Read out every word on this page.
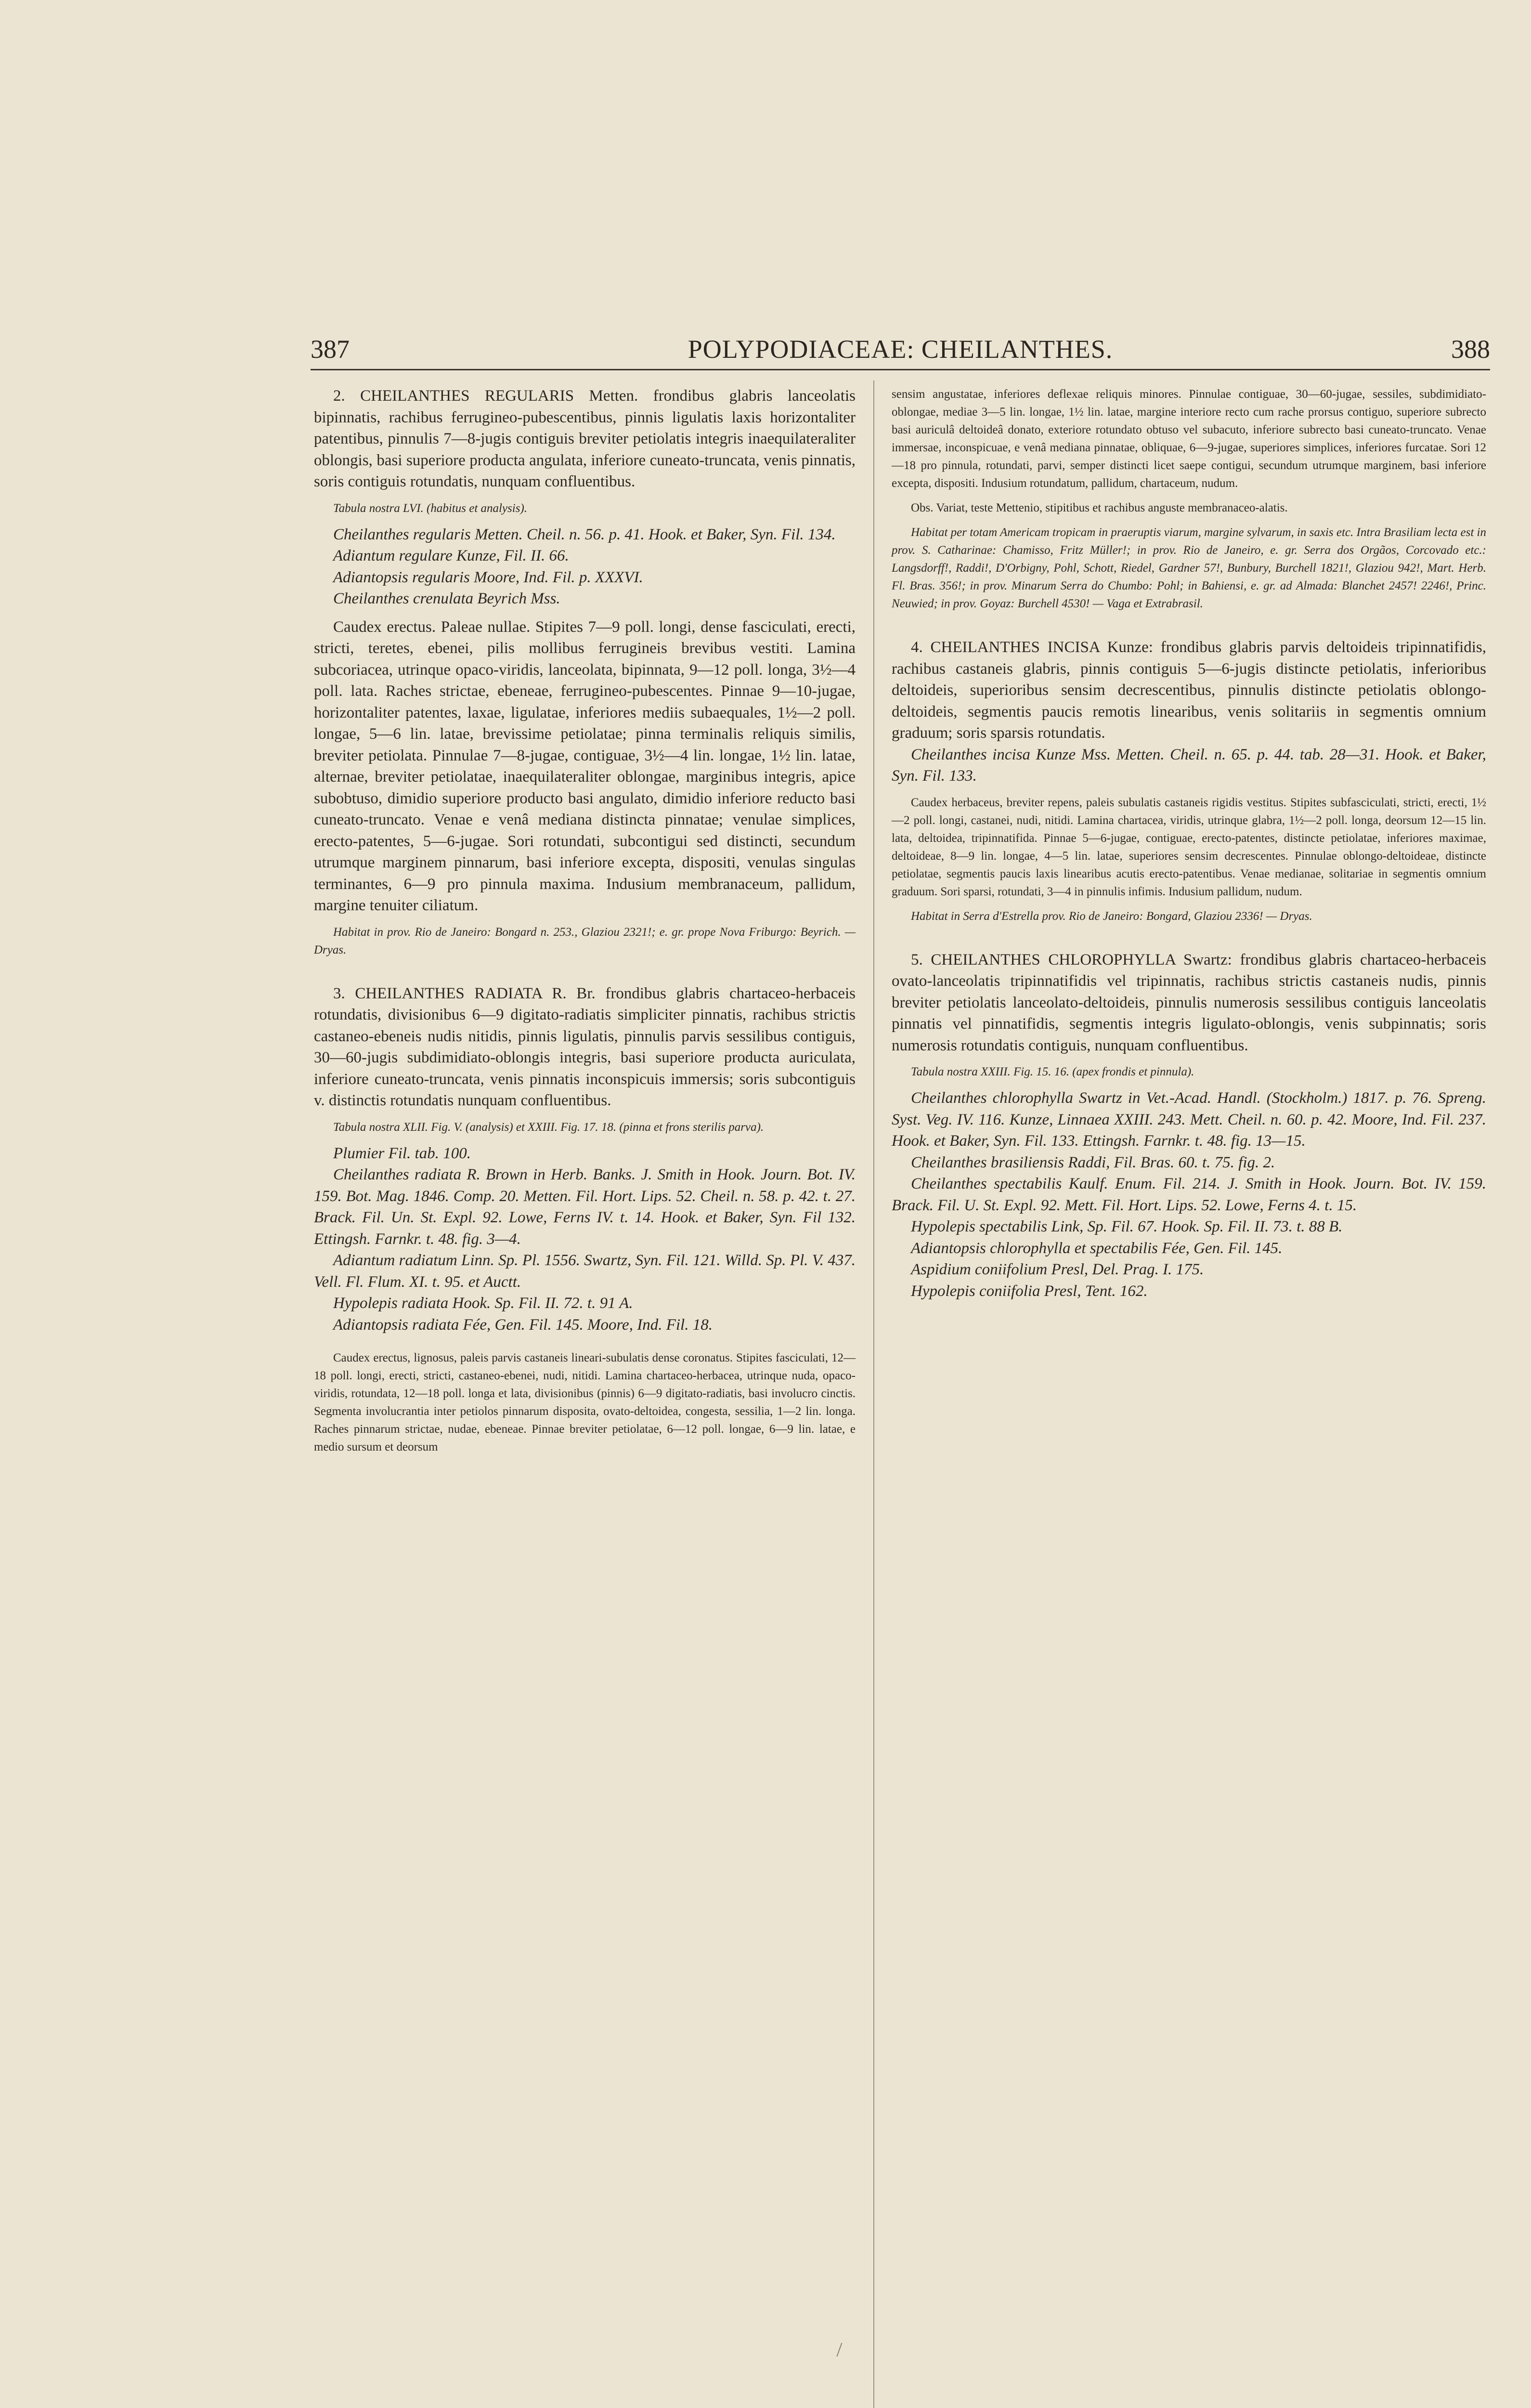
387	POLYPODIACEAE: CHEILANTHES.	388

2. CHEILANTHES REGULARIS Metten. frondibus glabris lanceolatis bipinnatis, rachibus ferrugineo-pubescentibus, pinnis ligulatis laxis horizontaliter patentibus, pinnulis 7—8-jugis contiguis breviter petiolatis integris inaequilateraliter oblongis, basi superiore producta angulata, inferiore cuneato-truncata, venis pinnatis, soris contiguis rotundatis, nunquam confluentibus.

Tabula nostra LVI. (habitus et analysis).

Cheilanthes regularis Metten. Cheil. n. 56. p. 41. Hook. et Baker, Syn. Fil. 134.

Adiantum regulare Kunze, Fil. II. 66.

Adiantopsis regularis Moore, Ind. Fil. p. XXXVI.

Cheilanthes crenulata Beyrich Mss.

Caudex erectus. Paleae nullae. Stipites 7—9 poll. longi, dense fasciculati, erecti, stricti, teretes, ebenei, pilis mollibus ferrugineis brevibus vestiti. Lamina subcoriacea, utrinque opaco-viridis, lanceolata, bipinnata, 9—12 poll. longa, 3½—4 poll. lata. Raches strictae, ebeneae, ferrugineo-pubescentes. Pinnae 9—10-jugae, horizontaliter patentes, laxae, ligulatae, inferiores mediis subaequales, 1½—2 poll. longae, 5—6 lin. latae, brevissime petiolatae; pinna terminalis reliquis similis, breviter petiolata. Pinnulae 7—8-jugae, contiguae, 3½—4 lin. longae, 1½ lin. latae, alternae, breviter petiolatae, inaequilateraliter oblongae, marginibus integris, apice subobtuso, dimidio superiore producto basi angulato, dimidio inferiore reducto basi cuneato-truncato. Venae e venâ mediana distincta pinnatae; venulae simplices, erecto-patentes, 5—6-jugae. Sori rotundati, subcontigui sed distincti, secundum utrumque marginem pinnarum, basi inferiore excepta, dispositi, venulas singulas terminantes, 6—9 pro pinnula maxima. Indusium membranaceum, pallidum, margine tenuiter ciliatum.

Habitat in prov. Rio de Janeiro: Bongard n. 253., Glaziou 2321!; e. gr. prope Nova Friburgo: Beyrich. — Dryas.

3. CHEILANTHES RADIATA R. Br. frondibus glabris chartaceo-herbaceis rotundatis, divisionibus 6—9 digitato-radiatis simpliciter pinnatis, rachibus strictis castaneo-ebeneis nudis nitidis, pinnis ligulatis, pinnulis parvis sessilibus contiguis, 30—60-jugis subdimidiato-oblongis integris, basi superiore producta auriculata, inferiore cuneato-truncata, venis pinnatis inconspicuis immersis; soris subcontiguis v. distinctis rotundatis nunquam confluentibus.

Tabula nostra XLII. Fig. V. (analysis) et XXIII. Fig. 17. 18. (pinna et frons sterilis parva).

Plumier Fil. tab. 100.

Cheilanthes radiata R. Brown in Herb. Banks. J. Smith in Hook. Journ. Bot. IV. 159. Bot. Mag. 1846. Comp. 20. Metten. Fil. Hort. Lips. 52. Cheil. n. 58. p. 42. t. 27. Brack. Fil. Un. St. Expl. 92. Lowe, Ferns IV. t. 14. Hook. et Baker, Syn. Fil 132. Ettingsh. Farnkr. t. 48. fig. 3—4.

Adiantum radiatum Linn. Sp. Pl. 1556. Swartz, Syn. Fil. 121. Willd. Sp. Pl. V. 437. Vell. Fl. Flum. XI. t. 95. et Auctt.

Hypolepis radiata Hook. Sp. Fil. II. 72. t. 91 A.

Adiantopsis radiata Fée, Gen. Fil. 145. Moore, Ind. Fil. 18.

Caudex erectus, lignosus, paleis parvis castaneis lineari-subulatis dense coronatus. Stipites fasciculati, 12—18 poll. longi, erecti, stricti, castaneo-ebenei, nudi, nitidi. Lamina chartaceo-herbacea, utrinque nuda, opaco-viridis, rotundata, 12—18 poll. longa et lata, divisionibus (pinnis) 6—9 digitato-radiatis, basi involucro cinctis. Segmenta involucrantia inter petiolos pinnarum disposita, ovato-deltoidea, congesta, sessilia, 1—2 lin. longa. Raches pinnarum strictae, nudae, ebeneae. Pinnae breviter petiolatae, 6—12 poll. longae, 6—9 lin. latae, e medio sursum et deorsum

sensim angustatae, inferiores deflexae reliquis minores. Pinnulae contiguae, 30—60-jugae, sessiles, subdimidiato-oblongae, mediae 3—5 lin. longae, 1½ lin. latae, margine interiore recto cum rache prorsus contiguo, superiore subrecto basi auriculâ deltoideâ donato, exteriore rotundato obtuso vel subacuto, inferiore subrecto basi cuneato-truncato. Venae immersae, inconspicuae, e venâ mediana pinnatae, obliquae, 6—9-jugae, superiores simplices, inferiores furcatae. Sori 12—18 pro pinnula, rotundati, parvi, semper distincti licet saepe contigui, secundum utrumque marginem, basi inferiore excepta, dispositi. Indusium rotundatum, pallidum, chartaceum, nudum.

Obs. Variat, teste Mettenio, stipitibus et rachibus anguste membranaceo-alatis.

Habitat per totam Americam tropicam in praeruptis viarum, margine sylvarum, in saxis etc. Intra Brasiliam lecta est in prov. S. Catharinae: Chamisso, Fritz Müller!; in prov. Rio de Janeiro, e. gr. Serra dos Orgãos, Corcovado etc.: Langsdorff!, Raddi!, D'Orbigny, Pohl, Schott, Riedel, Gardner 57!, Bunbury, Burchell 1821!, Glaziou 942!, Mart. Herb. Fl. Bras. 356!; in prov. Minarum Serra do Chumbo: Pohl; in Bahiensi, e. gr. ad Almada: Blanchet 2457! 2246!, Princ. Neuwied; in prov. Goyaz: Burchell 4530! — Vaga et Extrabrasil.

4. CHEILANTHES INCISA Kunze: frondibus glabris parvis deltoideis tripinnatifidis, rachibus castaneis glabris, pinnis contiguis 5—6-jugis distincte petiolatis, inferioribus deltoideis, superioribus sensim decrescentibus, pinnulis distincte petiolatis oblongo-deltoideis, segmentis paucis remotis linearibus, venis solitariis in segmentis omnium graduum; soris sparsis rotundatis.

Cheilanthes incisa Kunze Mss. Metten. Cheil. n. 65. p. 44. tab. 28—31. Hook. et Baker, Syn. Fil. 133.

Caudex herbaceus, breviter repens, paleis subulatis castaneis rigidis vestitus. Stipites subfasciculati, stricti, erecti, 1½—2 poll. longi, castanei, nudi, nitidi. Lamina chartacea, viridis, utrinque glabra, 1½—2 poll. longa, deorsum 12—15 lin. lata, deltoidea, tripinnatifida. Pinnae 5—6-jugae, contiguae, erecto-patentes, distincte petiolatae, inferiores maximae, deltoideae, 8—9 lin. longae, 4—5 lin. latae, superiores sensim decrescentes. Pinnulae oblongo-deltoideae, distincte petiolatae, segmentis paucis laxis linearibus acutis erecto-patentibus. Venae medianae, solitariae in segmentis omnium graduum. Sori sparsi, rotundati, 3—4 in pinnulis infimis. Indusium pallidum, nudum.

Habitat in Serra d'Estrella prov. Rio de Janeiro: Bongard, Glaziou 2336! — Dryas.

5. CHEILANTHES CHLOROPHYLLA Swartz: frondibus glabris chartaceo-herbaceis ovato-lanceolatis tripinnatifidis vel tripinnatis, rachibus strictis castaneis nudis, pinnis breviter petiolatis lanceolato-deltoideis, pinnulis numerosis sessilibus contiguis lanceolatis pinnatis vel pinnatifidis, segmentis integris ligulato-oblongis, venis subpinnatis; soris numerosis rotundatis contiguis, nunquam confluentibus.

Tabula nostra XXIII. Fig. 15. 16. (apex frondis et pinnula).

Cheilanthes chlorophylla Swartz in Vet.-Acad. Handl. (Stockholm.) 1817. p. 76. Spreng. Syst. Veg. IV. 116. Kunze, Linnaea XXIII. 243. Mett. Cheil. n. 60. p. 42. Moore, Ind. Fil. 237. Hook. et Baker, Syn. Fil. 133. Ettingsh. Farnkr. t. 48. fig. 13—15.

Cheilanthes brasiliensis Raddi, Fil. Bras. 60. t. 75. fig. 2.

Cheilanthes spectabilis Kaulf. Enum. Fil. 214. J. Smith in Hook. Journ. Bot. IV. 159. Brack. Fil. U. St. Expl. 92. Mett. Fil. Hort. Lips. 52. Lowe, Ferns 4. t. 15.

Hypolepis spectabilis Link, Sp. Fil. 67. Hook. Sp. Fil. II. 73. t. 88 B.

Adiantopsis chlorophylla et spectabilis Fée, Gen. Fil. 145.

Aspidium coniifolium Presl, Del. Prag. I. 175.

Hypolepis coniifolia Presl, Tent. 162.
